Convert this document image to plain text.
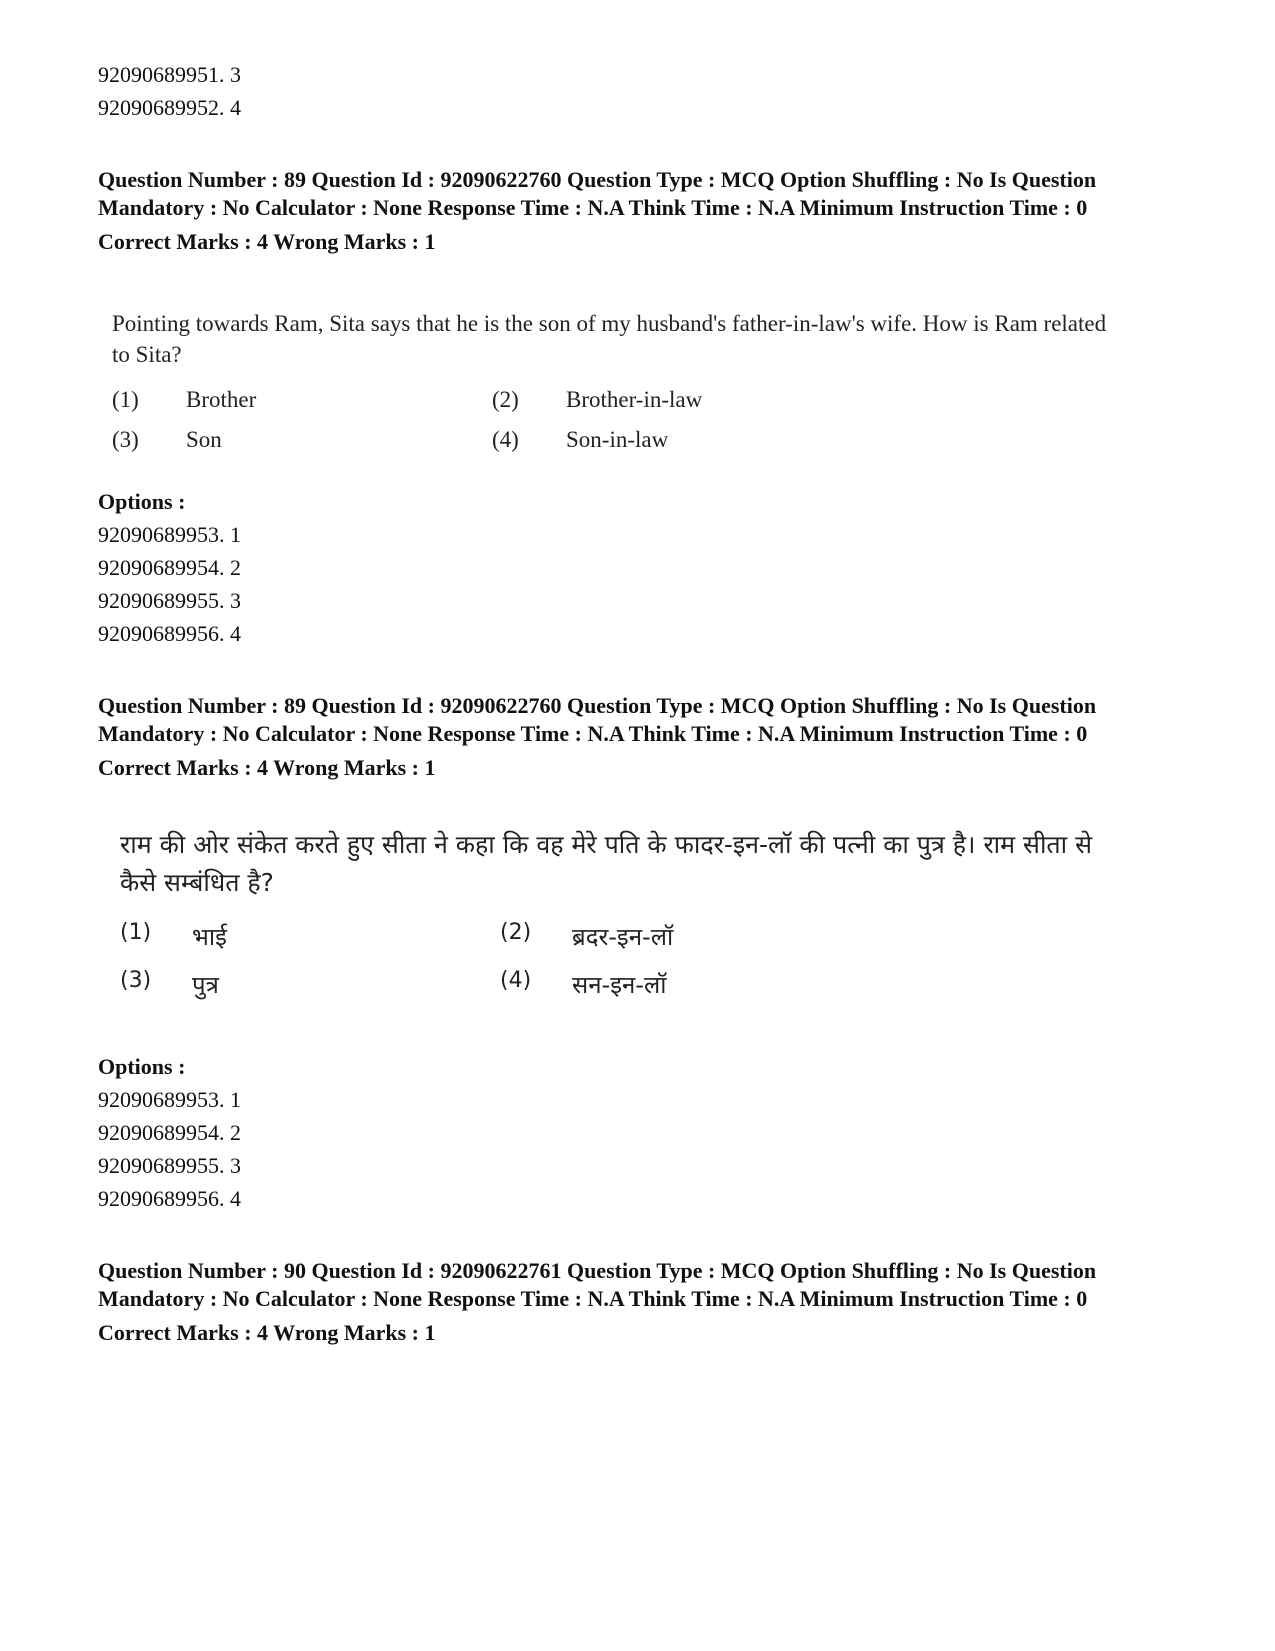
92090689951. 3
92090689952. 4
Question Number : 89 Question Id : 92090622760 Question Type : MCQ Option Shuffling : No Is Question Mandatory : No Calculator : None Response Time : N.A Think Time : N.A Minimum Instruction Time : 0
Correct Marks : 4 Wrong Marks : 1
Pointing towards Ram, Sita says that he is the son of my husband's father-in-law's wife. How is Ram related to Sita?
(1)	Brother	(2)	Brother-in-law
(3)	Son	(4)	Son-in-law
Options :
92090689953. 1
92090689954. 2
92090689955. 3
92090689956. 4
Question Number : 89 Question Id : 92090622760 Question Type : MCQ Option Shuffling : No Is Question Mandatory : No Calculator : None Response Time : N.A Think Time : N.A Minimum Instruction Time : 0
Correct Marks : 4 Wrong Marks : 1
राम की ओर संकेत करते हुए सीता ने कहा कि वह मेरे पति के फादर-इन-लॉ की पत्नी का पुत्र है। राम सीता से कैसे सम्बंधित है?
(1)	भाई	(2)	ब्रदर-इन-लॉ
(3)	पुत्र	(4)	सन-इन-लॉ
Options :
92090689953. 1
92090689954. 2
92090689955. 3
92090689956. 4
Question Number : 90 Question Id : 92090622761 Question Type : MCQ Option Shuffling : No Is Question Mandatory : No Calculator : None Response Time : N.A Think Time : N.A Minimum Instruction Time : 0
Correct Marks : 4 Wrong Marks : 1
